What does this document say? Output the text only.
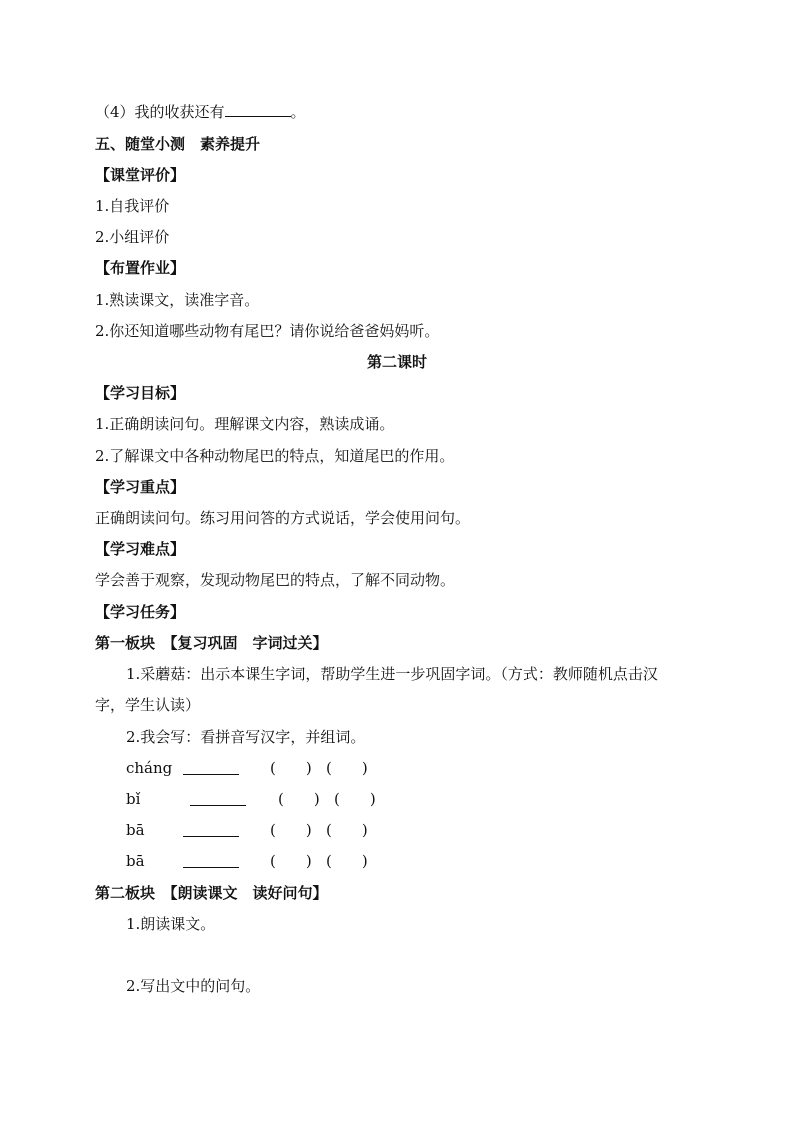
（4）我的收获还有	。
五、随堂小测　素养提升
【课堂评价】
1.自我评价
2.小组评价
【布置作业】
1.熟读课文，读准字音。
2.你还知道哪些动物有尾巴？请你说给爸爸妈妈听。
第二课时
【学习目标】
1.正确朗读问句。理解课文内容，熟读成诵。
2.了解课文中各种动物尾巴的特点，知道尾巴的作用。
【学习重点】
正确朗读问句。练习用问答的方式说话，学会使用问句。
【学习难点】
学会善于观察，发现动物尾巴的特点，了解不同动物。
【学习任务】
第一板块　【复习巩固　字词过关】
1.采蘑菇：出示本课生字词，帮助学生进一步巩固字词。（方式：教师随机点击汉
字，学生认读）
2.我会写：看拼音写汉字，并组词。
cháng	(　　) (　　)
bǐ	(　　) (　　)
bā	(　　) (　　)
bā	(　　) (　　)
第二板块　【朗读课文　读好问句】
1.朗读课文。
2.写出文中的问句。
